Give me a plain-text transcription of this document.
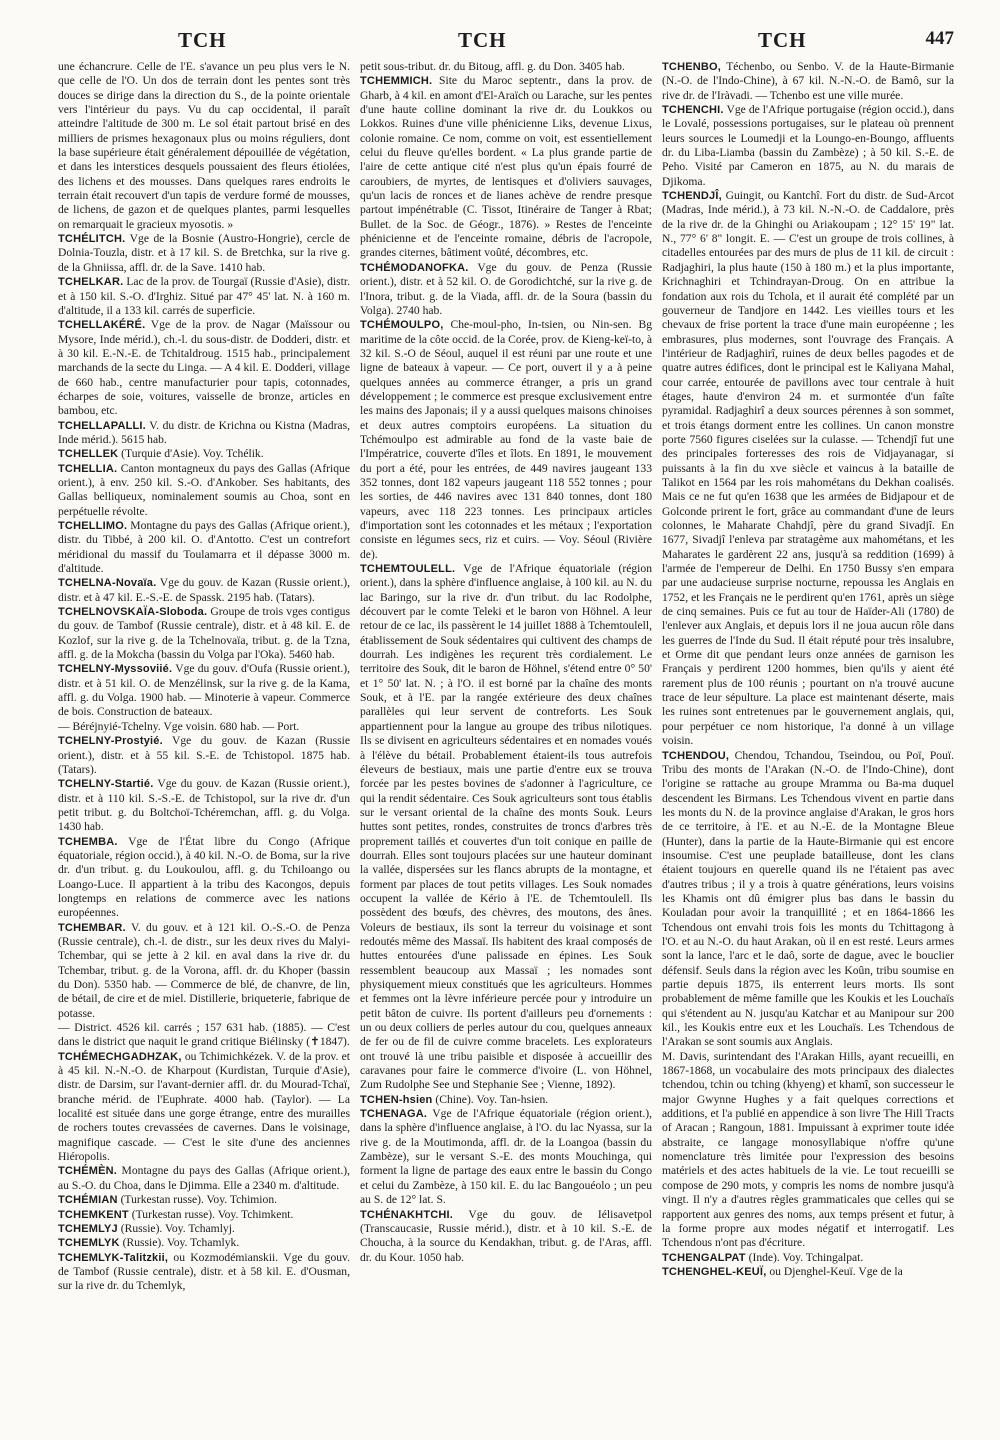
TCH	TCH	TCH	447

une échancrure. Celle de l'E. s'avance un peu plus vers le N. que celle de l'O. Un dos de terrain dont les pentes sont très douces se dirige dans la direction du S., de la pointe orientale vers l'intérieur du pays. Vu du cap occidental, il paraît atteindre l'altitude de 300 m. Le sol était partout brisé en des milliers de prismes hexagonaux plus ou moins réguliers, dont la base supérieure était généralement dépouillée de végétation, et dans les interstices desquels poussaient des fleurs étiolées, des lichens et des mousses. Dans quelques rares endroits le terrain était recouvert d'un tapis de verdure formé de mousses, de lichens, de gazon et de quelques plantes, parmi lesquelles on remarquait le gracieux myosotis. »

TCHÉLITCH. Vge de la Bosnie (Austro-Hongrie), cercle de Dolnia-Touzla, distr. et à 17 kil. S. de Bretchka, sur la rive g. de la Ghniissa, affl. dr. de la Save. 1410 hab.

TCHELKAR. Lac de la prov. de Tourgaï (Russie d'Asie), distr. et à 150 kil. S.-O. d'Irghiz. Situé par 47° 45' lat. N. à 160 m. d'altitude, il a 133 kil. carrés de superficie.

TCHELLAKÉRÉ. Vge de la prov. de Nagar (Maïssour ou Mysore, Inde mérid.), ch.-l. du sous-distr. de Dodderi, distr. et à 30 kil. E.-N.-E. de Tchitaldroug. 1515 hab., principalement marchands de la secte du Linga. — A 4 kil. E. Dodderi, village de 660 hab., centre manufacturier pour tapis, cotonnades, écharpes de soie, voitures, vaisselle de bronze, articles en bambou, etc.

TCHELLAPALLI. V. du distr. de Krichna ou Kistna (Madras, Inde mérid.). 5615 hab.

TCHELLEK (Turquie d'Asie). Voy. Tchélik.

TCHELLIA. Canton montagneux du pays des Gallas (Afrique orient.), à env. 250 kil. S.-O. d'Ankober. Ses habitants, des Gallas belliqueux, nominalement soumis au Choa, sont en perpétuelle révolte.

TCHELLIMO. Montagne du pays des Gallas (Afrique orient.), distr. du Tibbé, à 200 kil. O. d'Antotto. C'est un contrefort méridional du massif du Toulamarra et il dépasse 3000 m. d'altitude.

TCHELNA-Novaïa. Vge du gouv. de Kazan (Russie orient.), distr. et à 47 kil. E.-S.-E. de Spassk. 2195 hab. (Tatars).

TCHELNOVSKAÏA-Sloboda. Groupe de trois vges contigus du gouv. de Tambof (Russie centrale), distr. et à 48 kil. E. de Kozlof, sur la rive g. de la Tchelnovaïa, tribut. g. de la Tzna, affl. g. de la Mokcha (bassin du Volga par l'Oka). 5460 hab.

TCHELNY-Myssoviié. Vge du gouv. d'Oufa (Russie orient.), distr. et à 51 kil. O. de Menzélinsk, sur la rive g. de la Kama, affl. g. du Volga. 1900 hab. — Minoterie à vapeur. Commerce de bois. Construction de bateaux.

— Béréjnyié-Tchelny. Vge voisin. 680 hab. — Port.

TCHELNY-Prostyié. Vge du gouv. de Kazan (Russie orient.), distr. et à 55 kil. S.-E. de Tchistopol. 1875 hab. (Tatars).

TCHELNY-Startié. Vge du gouv. de Kazan (Russie orient.), distr. et à 110 kil. S.-S.-E. de Tchistopol, sur la rive dr. d'un petit tribut. g. du Boltchoï-Tchéremchan, affl. g. du Volga. 1430 hab.

TCHEMBA. Vge de l'État libre du Congo (Afrique équatoriale, région occid.), à 40 kil. N.-O. de Boma, sur la rive dr. d'un tribut. g. du Loukoulou, affl. g. du Tchiloango ou Loango-Luce. Il appartient à la tribu des Kacongos, depuis longtemps en relations de commerce avec les nations européennes.

TCHEMBAR. V. du gouv. et à 121 kil. O.-S.-O. de Penza (Russie centrale), ch.-l. de distr., sur les deux rives du Malyi-Tchembar, qui se jette à 2 kil. en aval dans la rive dr. du Tchembar, tribut. g. de la Vorona, affl. dr. du Khoper (bassin du Don). 5350 hab. — Commerce de blé, de chanvre, de lin, de bétail, de cire et de miel. Distillerie, briqueterie, fabrique de potasse.

— District. 4526 kil. carrés ; 157 631 hab. (1885). — C'est dans le district que naquit le grand critique Biélinsky (✝1847).

TCHÉMECHGADHZAK, ou Tchimichkézek. V. de la prov. et à 45 kil. N.-N.-O. de Kharpout (Kurdistan, Turquie d'Asie), distr. de Darsim, sur l'avant-dernier affl. dr. du Mourad-Tchaï, branche mérid. de l'Euphrate. 4000 hab. (Taylor). — La localité est située dans une gorge étrange, entre des murailles de rochers toutes crevassées de cavernes. Dans le voisinage, magnifique cascade. — C'est le site d'une des anciennes Hiéropolis.

TCHÉMÈN. Montagne du pays des Gallas (Afrique orient.), au S.-O. du Choa, dans le Djimma. Elle a 2340 m. d'altitude.

TCHÉMIAN (Turkestan russe). Voy. Tchimion.

TCHEMKENT (Turkestan russe). Voy. Tchimkent.

TCHEMLYJ (Russie). Voy. Tchamlyj.

TCHEMLYK (Russie). Voy. Tchamlyk.

TCHEMLYK-Talitzkii, ou Kozmodémianskii. Vge du gouv. de Tambof (Russie centrale), distr. et à 58 kil. E. d'Ousman, sur la rive dr. du Tchemlyk,

petit sous-tribut. dr. du Bitoug, affl. g. du Don. 3405 hab.

TCHEMMICH. Site du Maroc septentr., dans la prov. de Gharb, à 4 kil. en amont d'El-Araïch ou Larache, sur les pentes d'une haute colline dominant la rive dr. du Loukkos ou Lokkos. Ruines d'une ville phénicienne Liks, devenue Lixus, colonie romaine. Ce nom, comme on voit, est essentiellement celui du fleuve qu'elles bordent. « La plus grande partie de l'aire de cette antique cité n'est plus qu'un épais fourré de caroubiers, de myrtes, de lentisques et d'oliviers sauvages, qu'un lacis de ronces et de lianes achève de rendre presque partout impénétrable (C. Tissot, Itinéraire de Tanger à Rbat; Bullet. de la Soc. de Géogr., 1876). » Restes de l'enceinte phénicienne et de l'enceinte romaine, débris de l'acropole, grandes citernes, bâtiment voûté, décombres, etc.

TCHÉMODANOFKA. Vge du gouv. de Penza (Russie orient.), distr. et à 52 kil. O. de Gorodichtché, sur la rive g. de l'Inora, tribut. g. de la Viada, affl. dr. de la Soura (bassin du Volga). 2740 hab.

TCHÉMOULPO, Che-moul-pho, In-tsien, ou Nin-sen. Bg maritime de la côte occid. de la Corée, prov. de Kieng-keï-to, à 32 kil. S.-O de Séoul, auquel il est réuni par une route et une ligne de bateaux à vapeur. — Ce port, ouvert il y a à peine quelques années au commerce étranger, a pris un grand développement ; le commerce est presque exclusivement entre les mains des Japonais; il y a aussi quelques maisons chinoises et deux autres comptoirs européens. La situation du Tchémoulpo est admirable au fond de la vaste baie de l'Impératrice, couverte d'îles et îlots. En 1891, le mouvement du port a été, pour les entrées, de 449 navires jaugeant 133 352 tonnes, dont 182 vapeurs jaugeant 118 552 tonnes ; pour les sorties, de 446 navires avec 131 840 tonnes, dont 180 vapeurs, avec 118 223 tonnes. Les principaux articles d'importation sont les cotonnades et les métaux ; l'exportation consiste en légumes secs, riz et cuirs. — Voy. Séoul (Rivière de).

TCHEMTOULELL. Vge de l'Afrique équatoriale (région orient.), dans la sphère d'influence anglaise, à 100 kil. au N. du lac Baringo, sur la rive dr. d'un tribut. du lac Rodolphe, découvert par le comte Teleki et le baron von Höhnel. A leur retour de ce lac, ils passèrent le 14 juillet 1888 à Tchemtoulell, établissement de Souk sédentaires qui cultivent des champs de dourrah. Les indigènes les reçurent très cordialement. Le territoire des Souk, dit le baron de Höhnel, s'étend entre 0° 50' et 1° 50' lat. N. ; à l'O. il est borné par la chaîne des monts Souk, et à l'E. par la rangée extérieure des deux chaînes parallèles qui leur servent de contreforts. Les Souk appartiennent pour la langue au groupe des tribus nilotiques. Ils se divisent en agriculteurs sédentaires et en nomades voués à l'élève du bétail. Probablement étaient-ils tous autrefois éleveurs de bestiaux, mais une partie d'entre eux se trouva forcée par les pestes bovines de s'adonner à l'agriculture, ce qui la rendit sédentaire. Ces Souk agriculteurs sont tous établis sur le versant oriental de la chaîne des monts Souk. Leurs huttes sont petites, rondes, construites de troncs d'arbres très proprement taillés et couvertes d'un toit conique en paille de dourrah. Elles sont toujours placées sur une hauteur dominant la vallée, dispersées sur les flancs abrupts de la montagne, et forment par places de tout petits villages. Les Souk nomades occupent la vallée de Kério à l'E. de Tchemtoulell. Ils possèdent des bœufs, des chèvres, des moutons, des ânes. Voleurs de bestiaux, ils sont la terreur du voisinage et sont redoutés même des Massaï. Ils habitent des kraal composés de huttes entourées d'une palissade en épines. Les Souk ressemblent beaucoup aux Massaï ; les nomades sont physiquement mieux constitués que les agriculteurs. Hommes et femmes ont la lèvre inférieure percée pour y introduire un petit bâton de cuivre. Ils portent d'ailleurs peu d'ornements : un ou deux colliers de perles autour du cou, quelques anneaux de fer ou de fil de cuivre comme bracelets. Les explorateurs ont trouvé là une tribu paisible et disposée à accueillir des caravanes pour faire le commerce d'ivoire (L. von Höhnel, Zum Rudolphe See und Stephanie See ; Vienne, 1892).

TCHEN-hsien (Chine). Voy. Tan-hsien.

TCHENAGA. Vge de l'Afrique équatoriale (région orient.), dans la sphère d'influence anglaise, à l'O. du lac Nyassa, sur la rive g. de la Moutimonda, affl. dr. de la Loangoa (bassin du Zambèze), sur le versant S.-E. des monts Mouchinga, qui forment la ligne de partage des eaux entre le bassin du Congo et celui du Zambèze, à 150 kil. E. du lac Bangouéolo ; un peu au S. de 12° lat. S.

TCHÉNAKHTCHI. Vge du gouv. de Iélisavetpol (Transcaucasie, Russie mérid.), distr. et à 10 kil. S.-E. de Choucha, à la source du Kendakhan, tribut. g. de l'Aras, affl. dr. du Kour. 1050 hab.

TCHENBO, Téchenbo, ou Senbo. V. de la Haute-Birmanie (N.-O. de l'Indo-Chine), à 67 kil. N.-N.-O. de Bamô, sur la rive dr. de l'Iràvadi. — Tchenbo est une ville murée.

TCHENCHI. Vge de l'Afrique portugaise (région occid.), dans le Lovalé, possessions portugaises, sur le plateau où prennent leurs sources le Loumedji et la Loungo-en-Boungo, affluents dr. du Liba-Liamba (bassin du Zambèze) ; à 50 kil. S.-E. de Peho. Visité par Cameron en 1875, au N. du marais de Djikoma.

TCHENDJÎ, Guingit, ou Kantchî. Fort du distr. de Sud-Arcot (Madras, Inde mérid.), à 73 kil. N.-N.-O. de Caddalore, près de la rive dr. de la Ghinghi ou Ariakoupam ; 12° 15' 19" lat. N., 77° 6' 8" longit. E. — C'est un groupe de trois collines, à citadelles entourées par des murs de plus de 11 kil. de circuit : Radjaghiri, la plus haute (150 à 180 m.) et la plus importante, Krichnaghiri et Tchindrayan-Droug. On en attribue la fondation aux rois du Tchola, et il aurait été complété par un gouverneur de Tandjore en 1442. Les vieilles tours et les chevaux de frise portent la trace d'une main européenne ; les embrasures, plus modernes, sont l'ouvrage des Français. A l'intérieur de Radjaghirî, ruines de deux belles pagodes et de quatre autres édifices, dont le principal est le Kaliyana Mahal, cour carrée, entourée de pavillons avec tour centrale à huit étages, haute d'environ 24 m. et surmontée d'un faîte pyramidal. Radjaghirî a deux sources pérennes à son sommet, et trois étangs dorment entre les collines. Un canon monstre porte 7560 figures ciselées sur la culasse. — Tchendjî fut une des principales forteresses des rois de Vidjayanagar, si puissants à la fin du xve siècle et vaincus à la bataille de Talikot en 1564 par les rois mahométans du Dekhan coalisés. Mais ce ne fut qu'en 1638 que les armées de Bidjapour et de Golconde prirent le fort, grâce au commandant d'une de leurs colonnes, le Maharate Chahdjî, père du grand Sivadjî. En 1677, Sivadjî l'enleva par stratagème aux mahométans, et les Maharates le gardèrent 22 ans, jusqu'à sa reddition (1699) à l'armée de l'empereur de Delhi. En 1750 Bussy s'en empara par une audacieuse surprise nocturne, repoussa les Anglais en 1752, et les Français ne le perdirent qu'en 1761, après un siège de cinq semaines. Puis ce fut au tour de Haïder-Ali (1780) de l'enlever aux Anglais, et depuis lors il ne joua aucun rôle dans les guerres de l'Inde du Sud. Il était réputé pour très insalubre, et Orme dit que pendant leurs onze années de garnison les Français y perdirent 1200 hommes, bien qu'ils y aient été rarement plus de 100 réunis ; pourtant on n'a trouvé aucune trace de leur sépulture. La place est maintenant déserte, mais les ruines sont entretenues par le gouvernement anglais, qui, pour perpétuer ce nom historique, l'a donné à un village voisin.

TCHENDOU, Chendou, Tchandou, Tseindou, ou Poï, Pouï. Tribu des monts de l'Arakan (N.-O. de l'Indo-Chine), dont l'origine se rattache au groupe Mramma ou Ba-ma duquel descendent les Birmans. Les Tchendous vivent en partie dans les monts du N. de la province anglaise d'Arakan, le gros hors de ce territoire, à l'E. et au N.-E. de la Montagne Bleue (Hunter), dans la partie de la Haute-Birmanie qui est encore insoumise. C'est une peuplade batailleuse, dont les clans étaient toujours en querelle quand ils ne l'étaient pas avec d'autres tribus ; il y a trois à quatre générations, leurs voisins les Khamis ont dû émigrer plus bas dans le bassin du Kouladan pour avoir la tranquillité ; et en 1864-1866 les Tchendous ont envahi trois fois les monts du Tchittagong à l'O. et au N.-O. du haut Arakan, où il en est resté. Leurs armes sont la lance, l'arc et le daô, sorte de dague, avec le bouclier défensif. Seuls dans la région avec les Koûn, tribu soumise en partie depuis 1875, ils enterrent leurs morts. Ils sont probablement de même famille que les Koukis et les Louchaïs qui s'étendent au N. jusqu'au Katchar et au Manipour sur 200 kil., les Koukis entre eux et les Louchaïs. Les Tchendous de l'Arakan se sont soumis aux Anglais.

M. Davis, surintendant des l'Arakan Hills, ayant recueilli, en 1867-1868, un vocabulaire des mots principaux des dialectes tchendou, tchin ou tching (khyeng) et khamî, son successeur le major Gwynne Hughes y a fait quelques corrections et additions, et l'a publié en appendice à son livre The Hill Tracts of Aracan ; Rangoun, 1881. Impuissant à exprimer toute idée abstraite, ce langage monosyllabique n'offre qu'une nomenclature très limitée pour l'expression des besoins matériels et des actes habituels de la vie. Le tout recueilli se compose de 290 mots, y compris les noms de nombre jusqu'à vingt. Il n'y a d'autres règles grammaticales que celles qui se rapportent aux genres des noms, aux temps présent et futur, à la forme propre aux modes négatif et interrogatif. Les Tchendous n'ont pas d'écriture.

TCHENGALPAT (Inde). Voy. Tchingalpat.

TCHENGHEL-KEUÏ, ou Djenghel-Keuï. Vge de la
